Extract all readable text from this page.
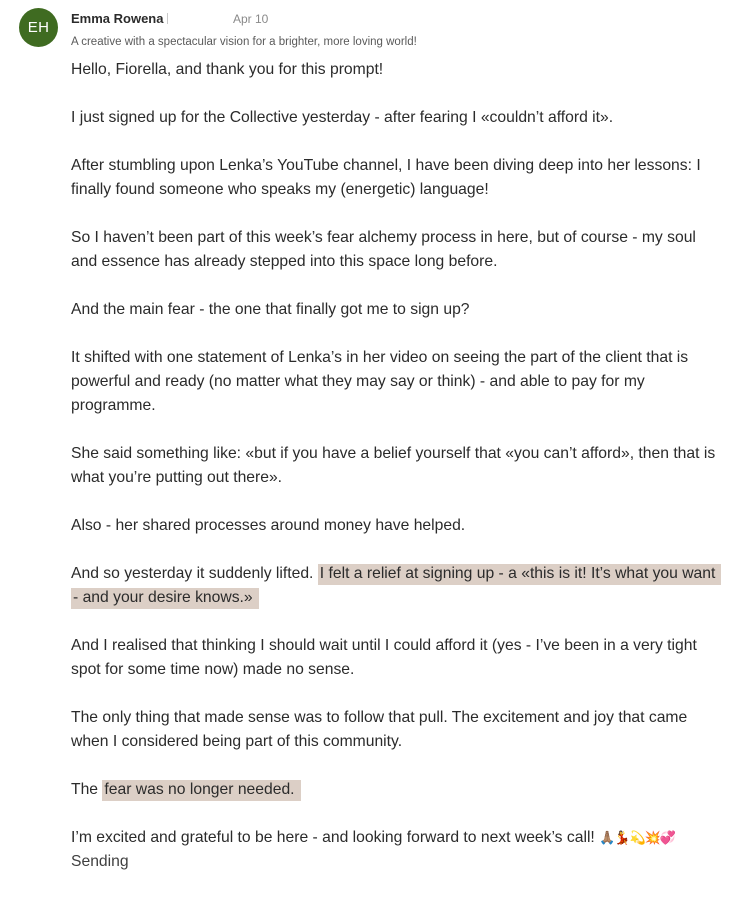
EH
Emma Rowena	Apr 10
A creative with a spectacular vision for a brighter, more loving world!

Hello, Fiorella, and thank you for this prompt!

I just signed up for the Collective yesterday - after fearing I «couldn’t afford it».

After stumbling upon Lenka’s YouTube channel, I have been diving deep into her lessons: I finally found someone who speaks my (energetic) language!

So I haven’t been part of this week’s fear alchemy process in here, but of course - my soul and essence has already stepped into this space long before.

And the main fear - the one that finally got me to sign up?

It shifted with one statement of Lenka’s in her video on seeing the part of the client that is powerful and ready (no matter what they may say or think) - and able to pay for my programme.

She said something like: «but if you have a belief yourself that «you can’t afford», then that is what you’re putting out there».

Also - her shared processes around money have helped.

And so yesterday it suddenly lifted. I felt a relief at signing up - a «this is it! It’s what you want - and your desire knows.»

And I realised that thinking I should wait until I could afford it (yes - I’ve been in a very tight spot for some time now) made no sense.

The only thing that made sense was to follow that pull. The excitement and joy that came when I considered being part of this community.

The fear was no longer needed.

I’m excited and grateful to be here - and looking forward to next week’s call! 🙏🏽💃💫💥💞

Sending
